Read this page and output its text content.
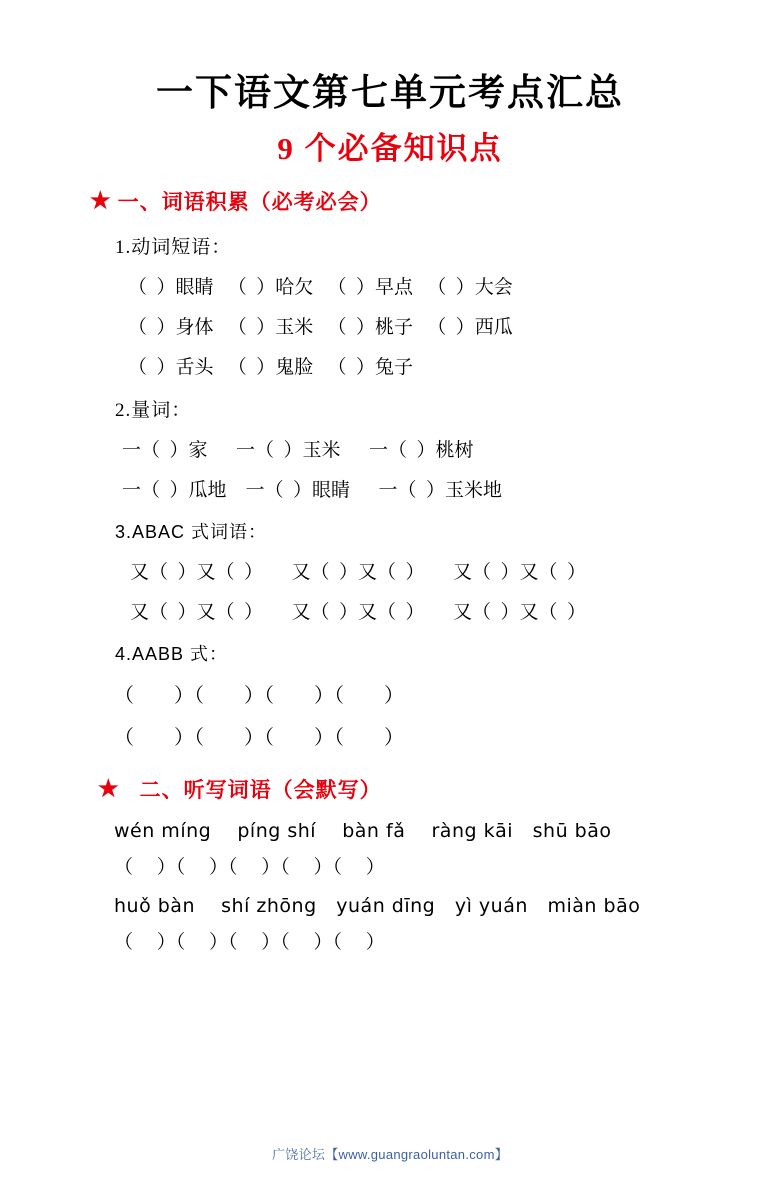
一下语文第七单元考点汇总
9 个必备知识点
★ 一、词语积累（必考必会）
1.动词短语：
（  ）眼睛   （  ）哈欠   （  ）早点   （  ）大会
（  ）身体   （  ）玉米   （  ）桃子   （  ）西瓜
（  ）舌头   （  ）鬼脸   （  ）兔子
2.量词：
一（  ）家      一（  ）玉米      一（  ）桃树
一（  ）瓜地    一（  ）眼睛      一（  ）玉米地
3.ABAC 式词语：
又（  ）又（  ）      又（  ）又（  ）      又（  ）又（  ）
又（  ）又（  ）      又（  ）又（  ）      又（  ）又（  ）
4.AABB 式：
（        ）（        ）（        ）（        ）
（        ）（        ）（        ）（        ）
★ 二、听写词语（会默写）
wén míng    píng shí    bàn fǎ    ràng kāi   shū bāo
（     ）（     ）（     ）（     ）（     ）
huǒ bàn    shí zhōng   yuán dīng   yì yuán   miàn bāo
（     ）（     ）（     ）（     ）（     ）
广饶论坛【www.guangraoluntan.com】
